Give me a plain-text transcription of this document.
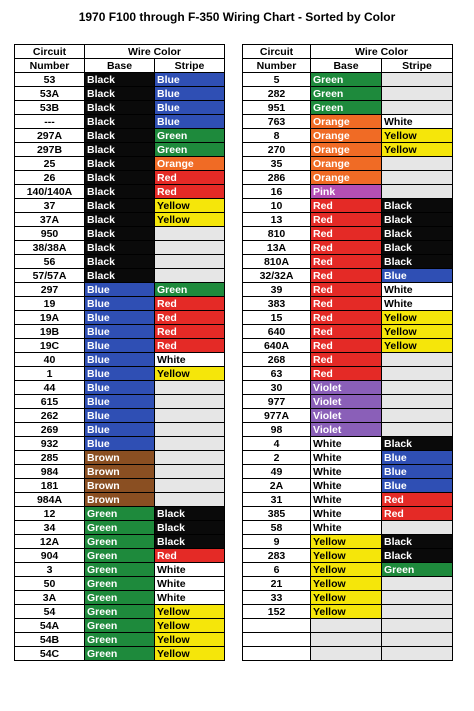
1970 F100 through F-350 Wiring Chart - Sorted by Color
Circuit	Wire Color	
Number	Base	Stripe
53	Black	Blue
53A	Black	Blue
53B	Black	Blue
---	Black	Blue
297A	Black	Green
297B	Black	Green
25	Black	Orange
26	Black	Red
140/140A	Black	Red
37	Black	Yellow
37A	Black	Yellow
950	Black	
38/38A	Black	
56	Black	
57/57A	Black	
297	Blue	Green
19	Blue	Red
19A	Blue	Red
19B	Blue	Red
19C	Blue	Red
40	Blue	White
1	Blue	Yellow
44	Blue	
615	Blue	
262	Blue	
269	Blue	
932	Blue	
285	Brown	
984	Brown	
181	Brown	
984A	Brown	
12	Green	Black
34	Green	Black
12A	Green	Black
904	Green	Red
3	Green	White
50	Green	White
3A	Green	White
54	Green	Yellow
54A	Green	Yellow
54B	Green	Yellow
54C	Green	Yellow
Circuit	Wire Color	
Number	Base	Stripe
5	Green	
282	Green	
951	Green	
763	Orange	White
8	Orange	Yellow
270	Orange	Yellow
35	Orange	
286	Orange	
16	Pink	
10	Red	Black
13	Red	Black
810	Red	Black
13A	Red	Black
810A	Red	Black
32/32A	Red	Blue
39	Red	White
383	Red	White
15	Red	Yellow
640	Red	Yellow
640A	Red	Yellow
268	Red	
63	Red	
30	Violet	
977	Violet	
977A	Violet	
98	Violet	
4	White	Black
2	White	Blue
49	White	Blue
2A	White	Blue
31	White	Red
385	White	Red
58	White	
9	Yellow	Black
283	Yellow	Black
6	Yellow	Green
21	Yellow	
33	Yellow	
152	Yellow	
